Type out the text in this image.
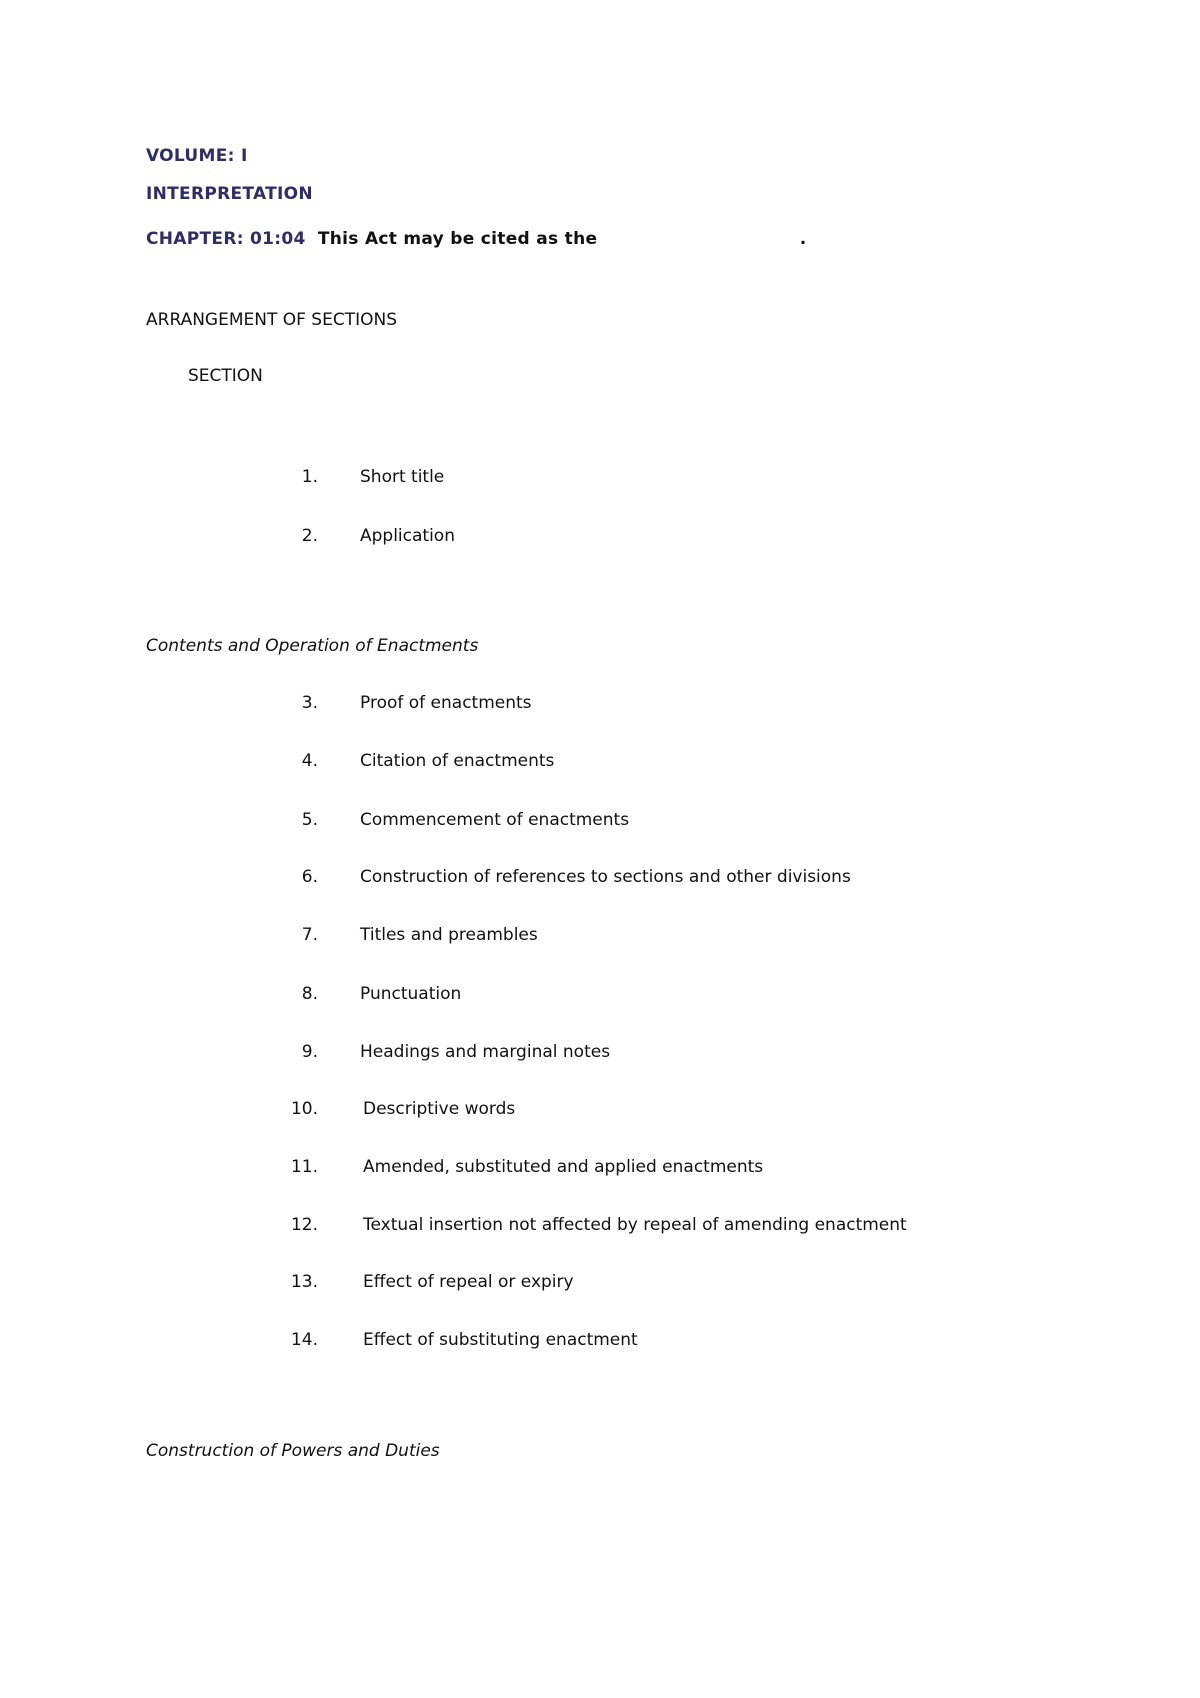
VOLUME: I
INTERPRETATION
CHAPTER: 01:04 This Act may be cited as the	.
ARRANGEMENT OF SECTIONS
SECTION
1. Short title
2. Application
Contents and Operation of Enactments
3. Proof of enactments
4. Citation of enactments
5. Commencement of enactments
6. Construction of references to sections and other divisions
7. Titles and preambles
8. Punctuation
9. Headings and marginal notes
10.	Descriptive words
11.	Amended, substituted and applied enactments
12.	Textual insertion not affected by repeal of amending enactment
13.	Effect of repeal or expiry
14.	Effect of substituting enactment
Construction of Powers and Duties
